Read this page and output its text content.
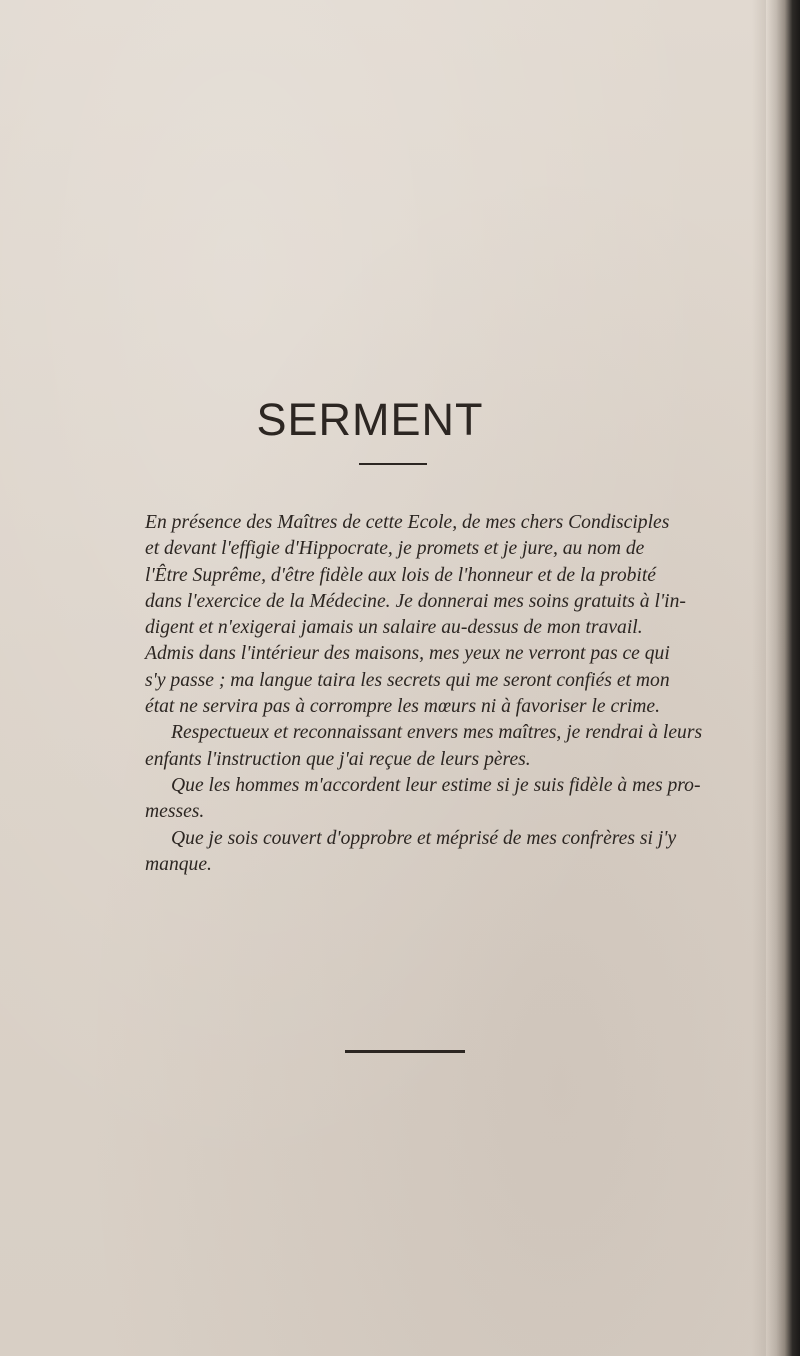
SERMENT
En présence des Maîtres de cette Ecole, de mes chers Condisciples
et devant l'effigie d'Hippocrate, je promets et je jure, au nom de
l'Être Suprême, d'être fidèle aux lois de l'honneur et de la probité
dans l'exercice de la Médecine. Je donnerai mes soins gratuits à l'in-
digent et n'exigerai jamais un salaire au-dessus de mon travail.
Admis dans l'intérieur des maisons, mes yeux ne verront pas ce qui
s'y passe ; ma langue taira les secrets qui me seront confiés et mon
état ne servira pas à corrompre les mœurs ni à favoriser le crime.
Respectueux et reconnaissant envers mes maîtres, je rendrai à leurs
enfants l'instruction que j'ai reçue de leurs pères.
Que les hommes m'accordent leur estime si je suis fidèle à mes pro-
messes.
Que je sois couvert d'opprobre et méprisé de mes confrères si j'y
manque.
